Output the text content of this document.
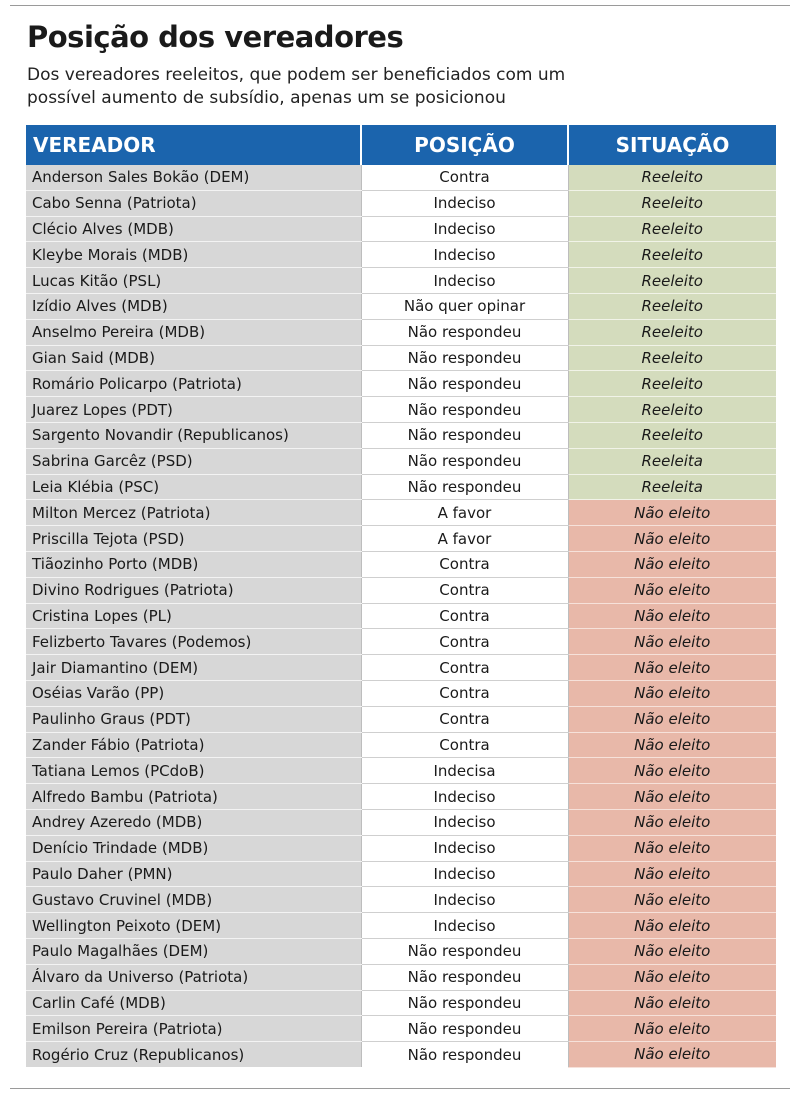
Posição dos vereadores

Dos vereadores reeleitos, que podem ser beneficiados com um possível aumento de subsídio, apenas um se posicionou

VEREADOR	POSIÇÃO	SITUAÇÃO
Anderson Sales Bokão (DEM)	Contra	Reeleito
Cabo Senna (Patriota)	Indeciso	Reeleito
Clécio Alves (MDB)	Indeciso	Reeleito
Kleybe Morais (MDB)	Indeciso	Reeleito
Lucas Kitão (PSL)	Indeciso	Reeleito
Izídio Alves (MDB)	Não quer opinar	Reeleito
Anselmo Pereira (MDB)	Não respondeu	Reeleito
Gian Said (MDB)	Não respondeu	Reeleito
Romário Policarpo (Patriota)	Não respondeu	Reeleito
Juarez Lopes (PDT)	Não respondeu	Reeleito
Sargento Novandir (Republicanos)	Não respondeu	Reeleito
Sabrina Garcêz (PSD)	Não respondeu	Reeleita
Leia Klébia (PSC)	Não respondeu	Reeleita
Milton Mercez (Patriota)	A favor	Não eleito
Priscilla Tejota (PSD)	A favor	Não eleito
Tiãozinho Porto (MDB)	Contra	Não eleito
Divino Rodrigues (Patriota)	Contra	Não eleito
Cristina Lopes (PL)	Contra	Não eleito
Felizberto Tavares (Podemos)	Contra	Não eleito
Jair Diamantino (DEM)	Contra	Não eleito
Oséias Varão (PP)	Contra	Não eleito
Paulinho Graus (PDT)	Contra	Não eleito
Zander Fábio (Patriota)	Contra	Não eleito
Tatiana Lemos (PCdoB)	Indecisa	Não eleito
Alfredo Bambu (Patriota)	Indeciso	Não eleito
Andrey Azeredo (MDB)	Indeciso	Não eleito
Denício Trindade (MDB)	Indeciso	Não eleito
Paulo Daher (PMN)	Indeciso	Não eleito
Gustavo Cruvinel (MDB)	Indeciso	Não eleito
Wellington Peixoto (DEM)	Indeciso	Não eleito
Paulo Magalhães (DEM)	Não respondeu	Não eleito
Álvaro da Universo (Patriota)	Não respondeu	Não eleito
Carlin Café (MDB)	Não respondeu	Não eleito
Emilson Pereira (Patriota)	Não respondeu	Não eleito
Rogério Cruz (Republicanos)	Não respondeu	Não eleito
